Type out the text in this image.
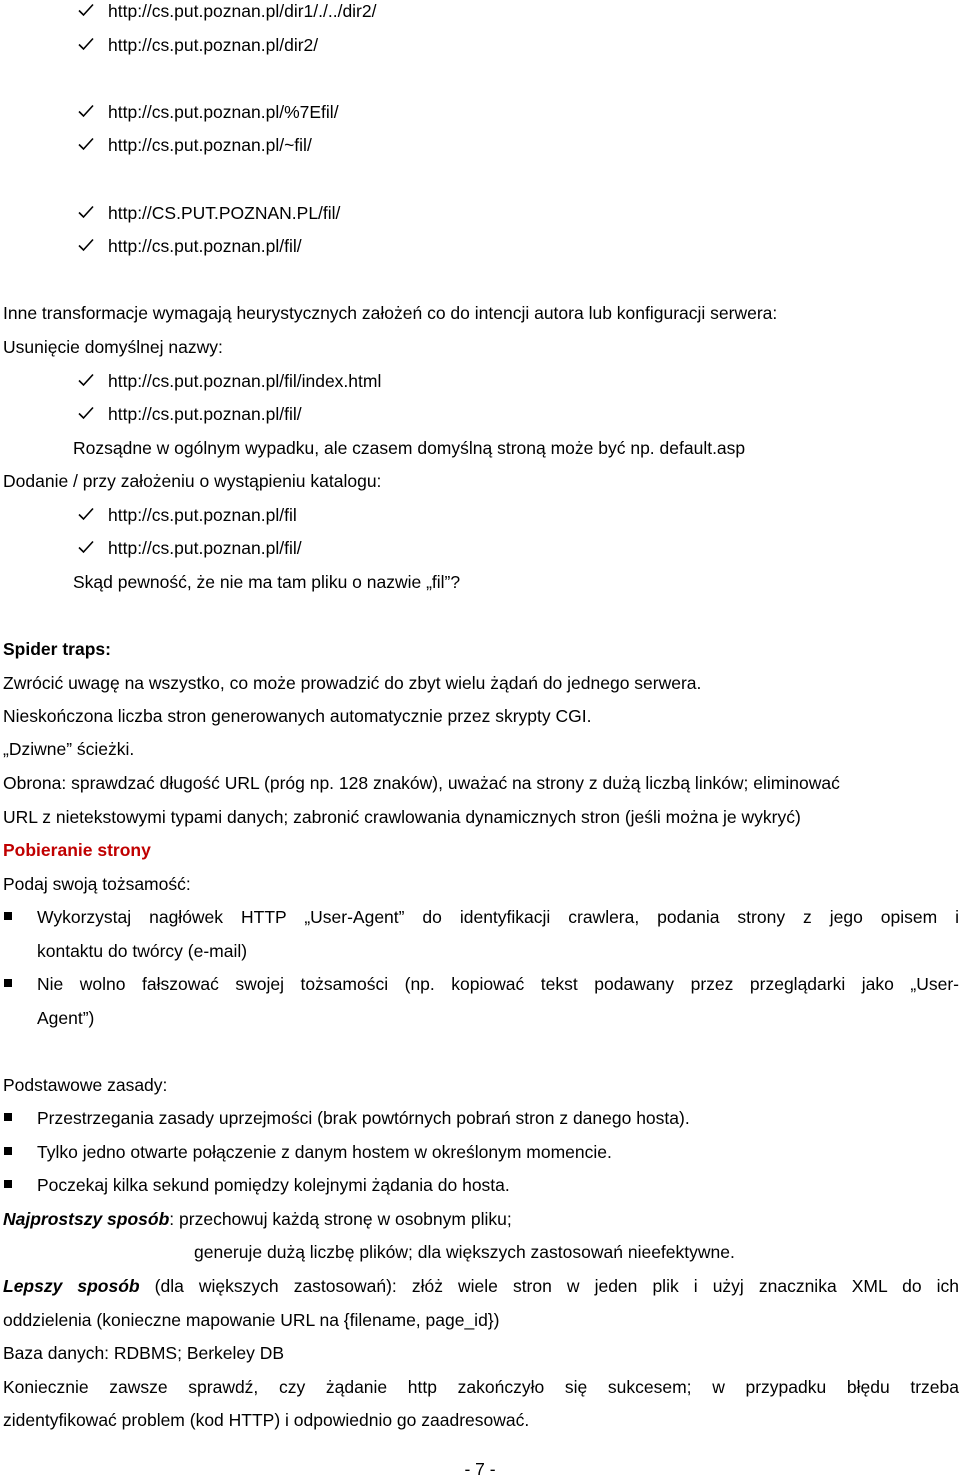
http://cs.put.poznan.pl/dir1/./../dir2/
http://cs.put.poznan.pl/dir2/
http://cs.put.poznan.pl/%7Efil/
http://cs.put.poznan.pl/~fil/
http://CS.PUT.POZNAN.PL/fil/
http://cs.put.poznan.pl/fil/
Inne transformacje wymagają heurystycznych założeń co do intencji autora lub konfiguracji serwera:
Usunięcie domyślnej nazwy:
http://cs.put.poznan.pl/fil/index.html
http://cs.put.poznan.pl/fil/
Rozsądne w ogólnym wypadku, ale czasem domyślną stroną może być np. default.asp
Dodanie / przy założeniu o wystąpieniu katalogu:
http://cs.put.poznan.pl/fil
http://cs.put.poznan.pl/fil/
Skąd pewność, że nie ma tam pliku o nazwie „fil”?
Spider traps:
Zwrócić uwagę na wszystko, co może prowadzić do zbyt wielu żądań do jednego serwera.
Nieskończona liczba stron generowanych automatycznie przez skrypty CGI.
„Dziwne” ścieżki.
Obrona: sprawdzać długość URL (próg np. 128 znaków), uważać na strony z dużą liczbą linków; eliminować
URL z nietekstowymi typami danych; zabronić crawlowania dynamicznych stron (jeśli można je wykryć)
Pobieranie strony
Podaj swoją tożsamość:
Wykorzystaj nagłówek HTTP „User-Agent” do identyfikacji crawlera, podania strony z jego opisem i
kontaktu do twórcy (e-mail)
Nie wolno fałszować swojej tożsamości (np. kopiować tekst podawany przez przeglądarki jako „User-
Agent”)
Podstawowe zasady:
Przestrzegania zasady uprzejmości (brak powtórnych pobrań stron z danego hosta).
Tylko jedno otwarte połączenie z danym hostem w określonym momencie.
Poczekaj kilka sekund pomiędzy kolejnymi żądania do hosta.
Najprostszy sposób: przechowuj każdą stronę w osobnym pliku;
generuje dużą liczbę plików; dla większych zastosowań nieefektywne.
Lepszy sposób (dla większych zastosowań): złóż wiele stron w jeden plik i użyj znacznika XML do ich
oddzielenia (konieczne mapowanie URL na {filename, page_id})
Baza danych: RDBMS; Berkeley DB
Koniecznie zawsze sprawdź, czy żądanie http zakończyło się sukcesem; w przypadku błędu trzeba
zidentyfikować problem (kod HTTP) i odpowiednio go zaadresować.
- 7 -
